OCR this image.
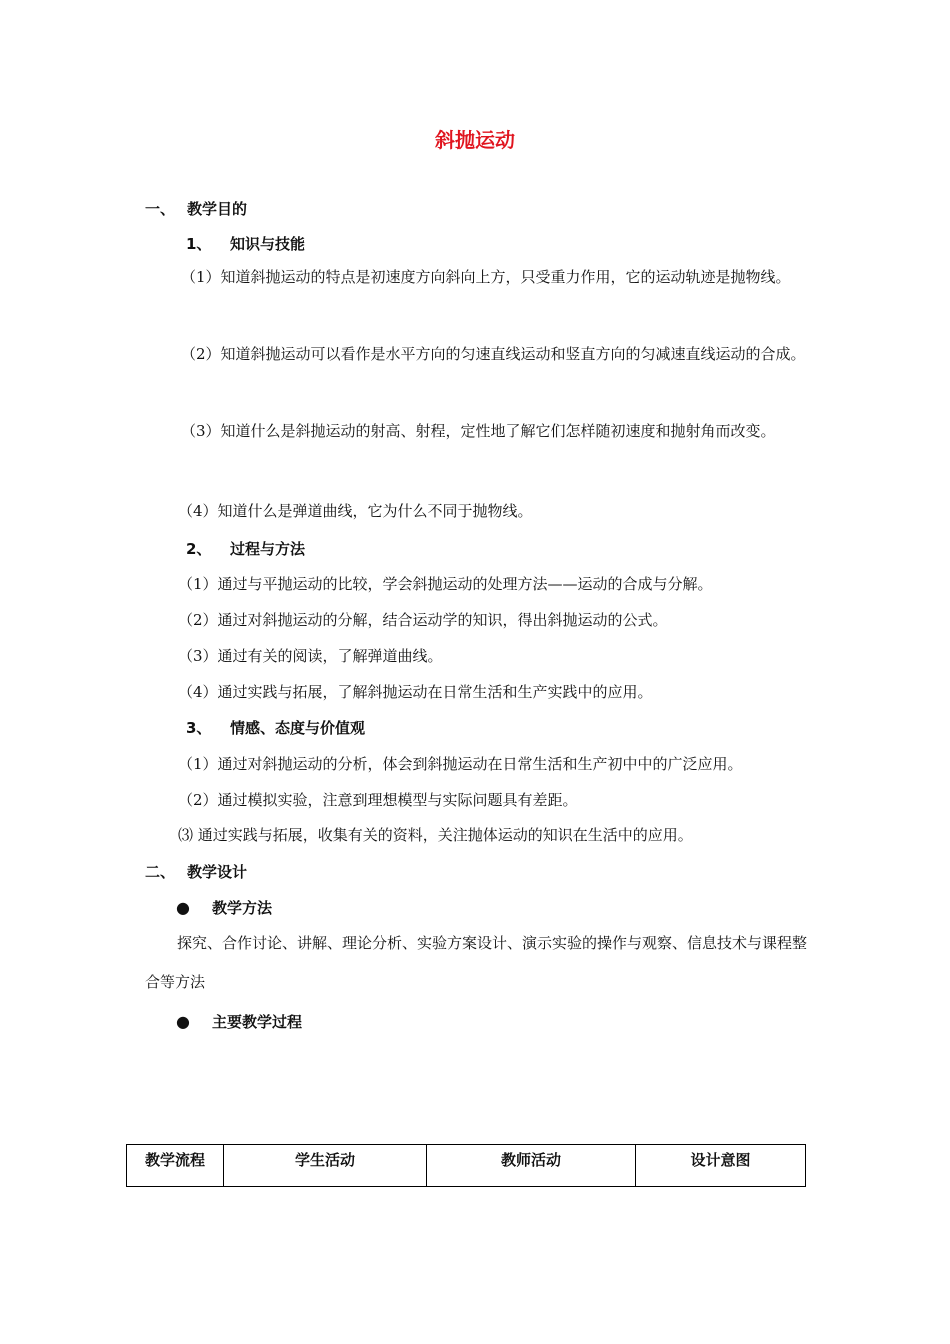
斜抛运动
一、 教学目的
1、 知识与技能
（1）知道斜抛运动的特点是初速度方向斜向上方，只受重力作用，它的运动轨迹是抛物线。
（2）知道斜抛运动可以看作是水平方向的匀速直线运动和竖直方向的匀减速直线运动的合成。
（3）知道什么是斜抛运动的射高、射程，定性地了解它们怎样随初速度和抛射角而改变。
（4）知道什么是弹道曲线，它为什么不同于抛物线。
2、 过程与方法
（1）通过与平抛运动的比较，学会斜抛运动的处理方法——运动的合成与分解。
（2）通过对斜抛运动的分解，结合运动学的知识，得出斜抛运动的公式。
（3）通过有关的阅读，了解弹道曲线。
（4）通过实践与拓展，了解斜抛运动在日常生活和生产实践中的应用。
3、 情感、态度与价值观
（1）通过对斜抛运动的分析，体会到斜抛运动在日常生活和生产初中中的广泛应用。
（2）通过模拟实验，注意到理想模型与实际问题具有差距。
⑶ 通过实践与拓展，收集有关的资料，关注抛体运动的知识在生活中的应用。
二、 教学设计
● 教学方法
探究、合作讨论、讲解、理论分析、实验方案设计、演示实验的操作与观察、信息技术与课程整合等方法
● 主要教学过程
教学流程	学生活动	教师活动	设计意图
